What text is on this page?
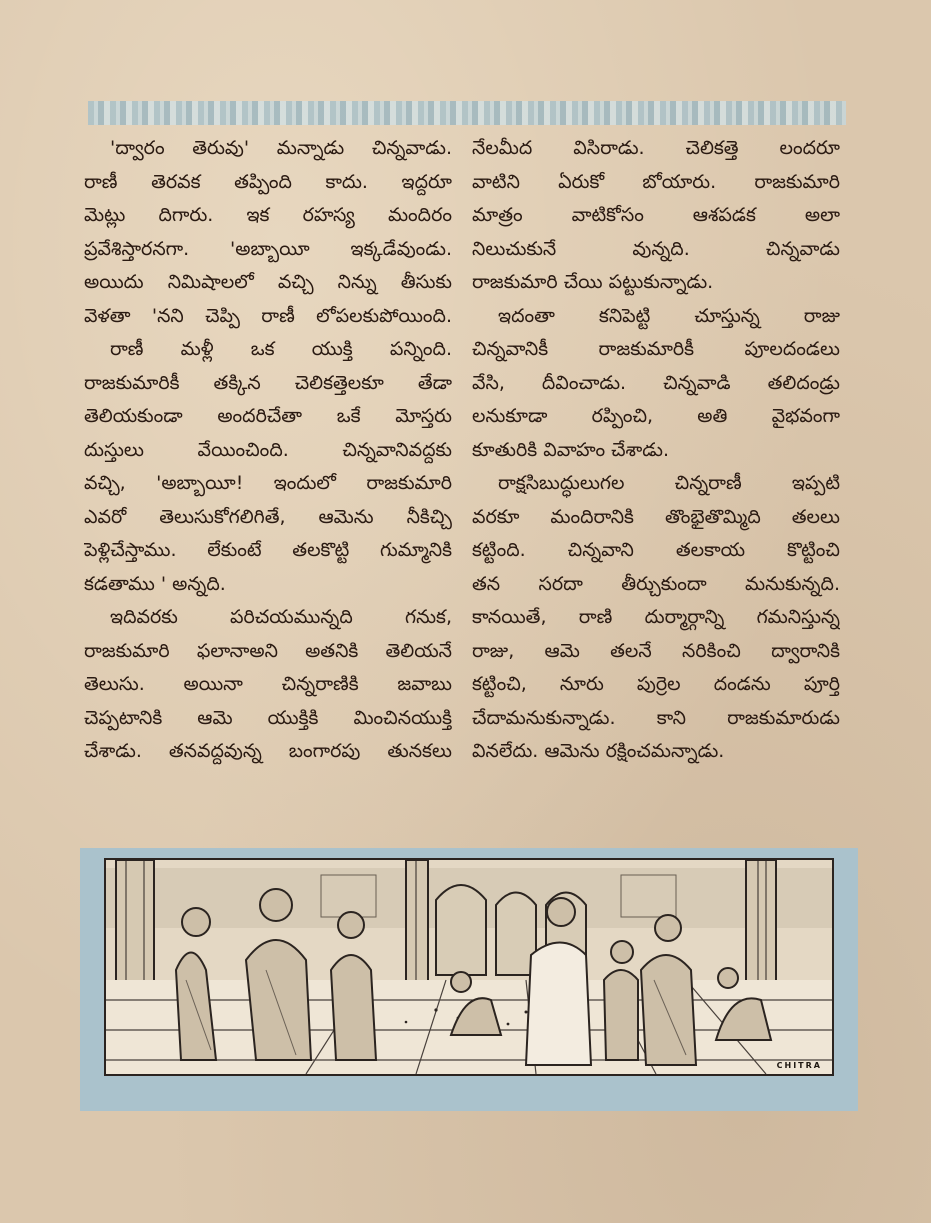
'ద్వారం తెరువు' మన్నాడు చిన్నవాడు.
రాణీ తెరవక తప్పింది కాదు. ఇద్దరూ
మెట్లు దిగారు. ఇక రహస్య మందిరం
ప్రవేశిస్తారనగా. 'అబ్బాయీ ఇక్కడేవుండు.
అయిదు నిమిషాలలో వచ్చి నిన్ను తీసుకు
వెళతా 'నని చెప్పి రాణీ లోపలకుపోయింది.

రాణీ మళ్లీ ఒక యుక్తి పన్నింది.
రాజకుమారికీ తక్కిన చెలికత్తెలకూ తేడా
తెలియకుండా అందరిచేతా ఒకే మోస్తరు
దుస్తులు వేయించింది. చిన్నవానివద్దకు
వచ్చి, 'అబ్బాయీ! ఇందులో రాజకుమారి
ఎవరో తెలుసుకోగలిగితే, ఆమెను నీకిచ్చి
పెళ్లిచేస్తాము. లేకుంటే తలకొట్టి గుమ్మానికి
కడతాము ' అన్నది.

ఇదివరకు పరిచయమున్నది గనుక,
రాజకుమారి ఫలానాఅని అతనికి తెలియనే
తెలుసు. అయినా చిన్నరాణికి జవాబు
చెప్పటానికి ఆమె యుక్తికి మించినయుక్తి
చేశాడు. తనవద్దవున్న బంగారపు తునకలు

నేలమీద విసిరాడు. చెలికత్తె లందరూ
వాటిని ఏరుకో బోయారు. రాజకుమారి
మాత్రం వాటికోసం ఆశపడక అలా
నిలుచుకునే వున్నది. చిన్నవాడు
రాజకుమారి చేయి పట్టుకున్నాడు.

ఇదంతా కనిపెట్టి చూస్తున్న రాజు
చిన్నవానికీ రాజకుమారికీ పూలదండలు
వేసి, దీవించాడు. చిన్నవాడి తలిదండ్రు
లనుకూడా రప్పించి, అతి వైభవంగా
కూతురికి వివాహం చేశాడు.

రాక్షసిబుద్ధులుగల చిన్నరాణీ ఇప్పటి
వరకూ మందిరానికి తొంభైతొమ్మిది తలలు
కట్టింది. చిన్నవాని తలకాయ కొట్టించి
తన సరదా తీర్చుకుందా మనుకున్నది.
కానయితే, రాణి దుర్మార్గాన్ని గమనిస్తున్న
రాజు, ఆమె తలనే నరికించి ద్వారానికి
కట్టించి, నూరు పుర్రెల దండను పూర్తి
చేదామనుకున్నాడు. కాని రాజకుమారుడు
వినలేదు. ఆమెను రక్షించమన్నాడు.

CHITRA
